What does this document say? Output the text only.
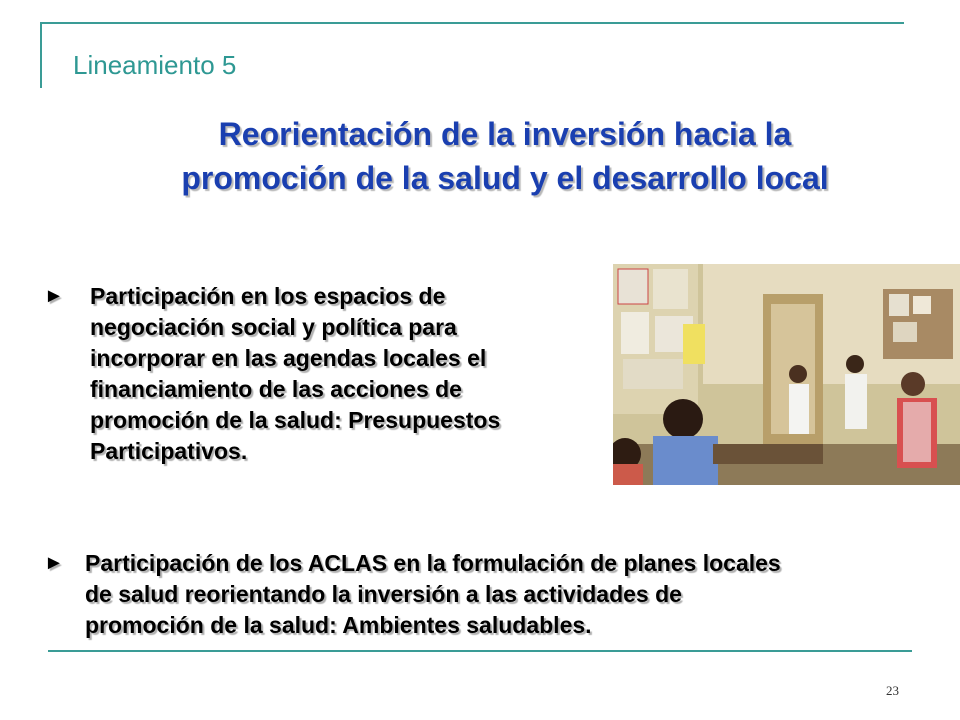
Lineamiento 5
Reorientación de la inversión hacia la
promoción de la salud y el desarrollo local
► Participación en los espacios de
negociación social y política para
incorporar en las agendas locales el
financiamiento de las acciones de
promoción de la salud: Presupuestos
Participativos.
► Participación de los ACLAS en la formulación de planes locales
de salud reorientando la inversión a las actividades de
promoción de la salud: Ambientes saludables.
23
